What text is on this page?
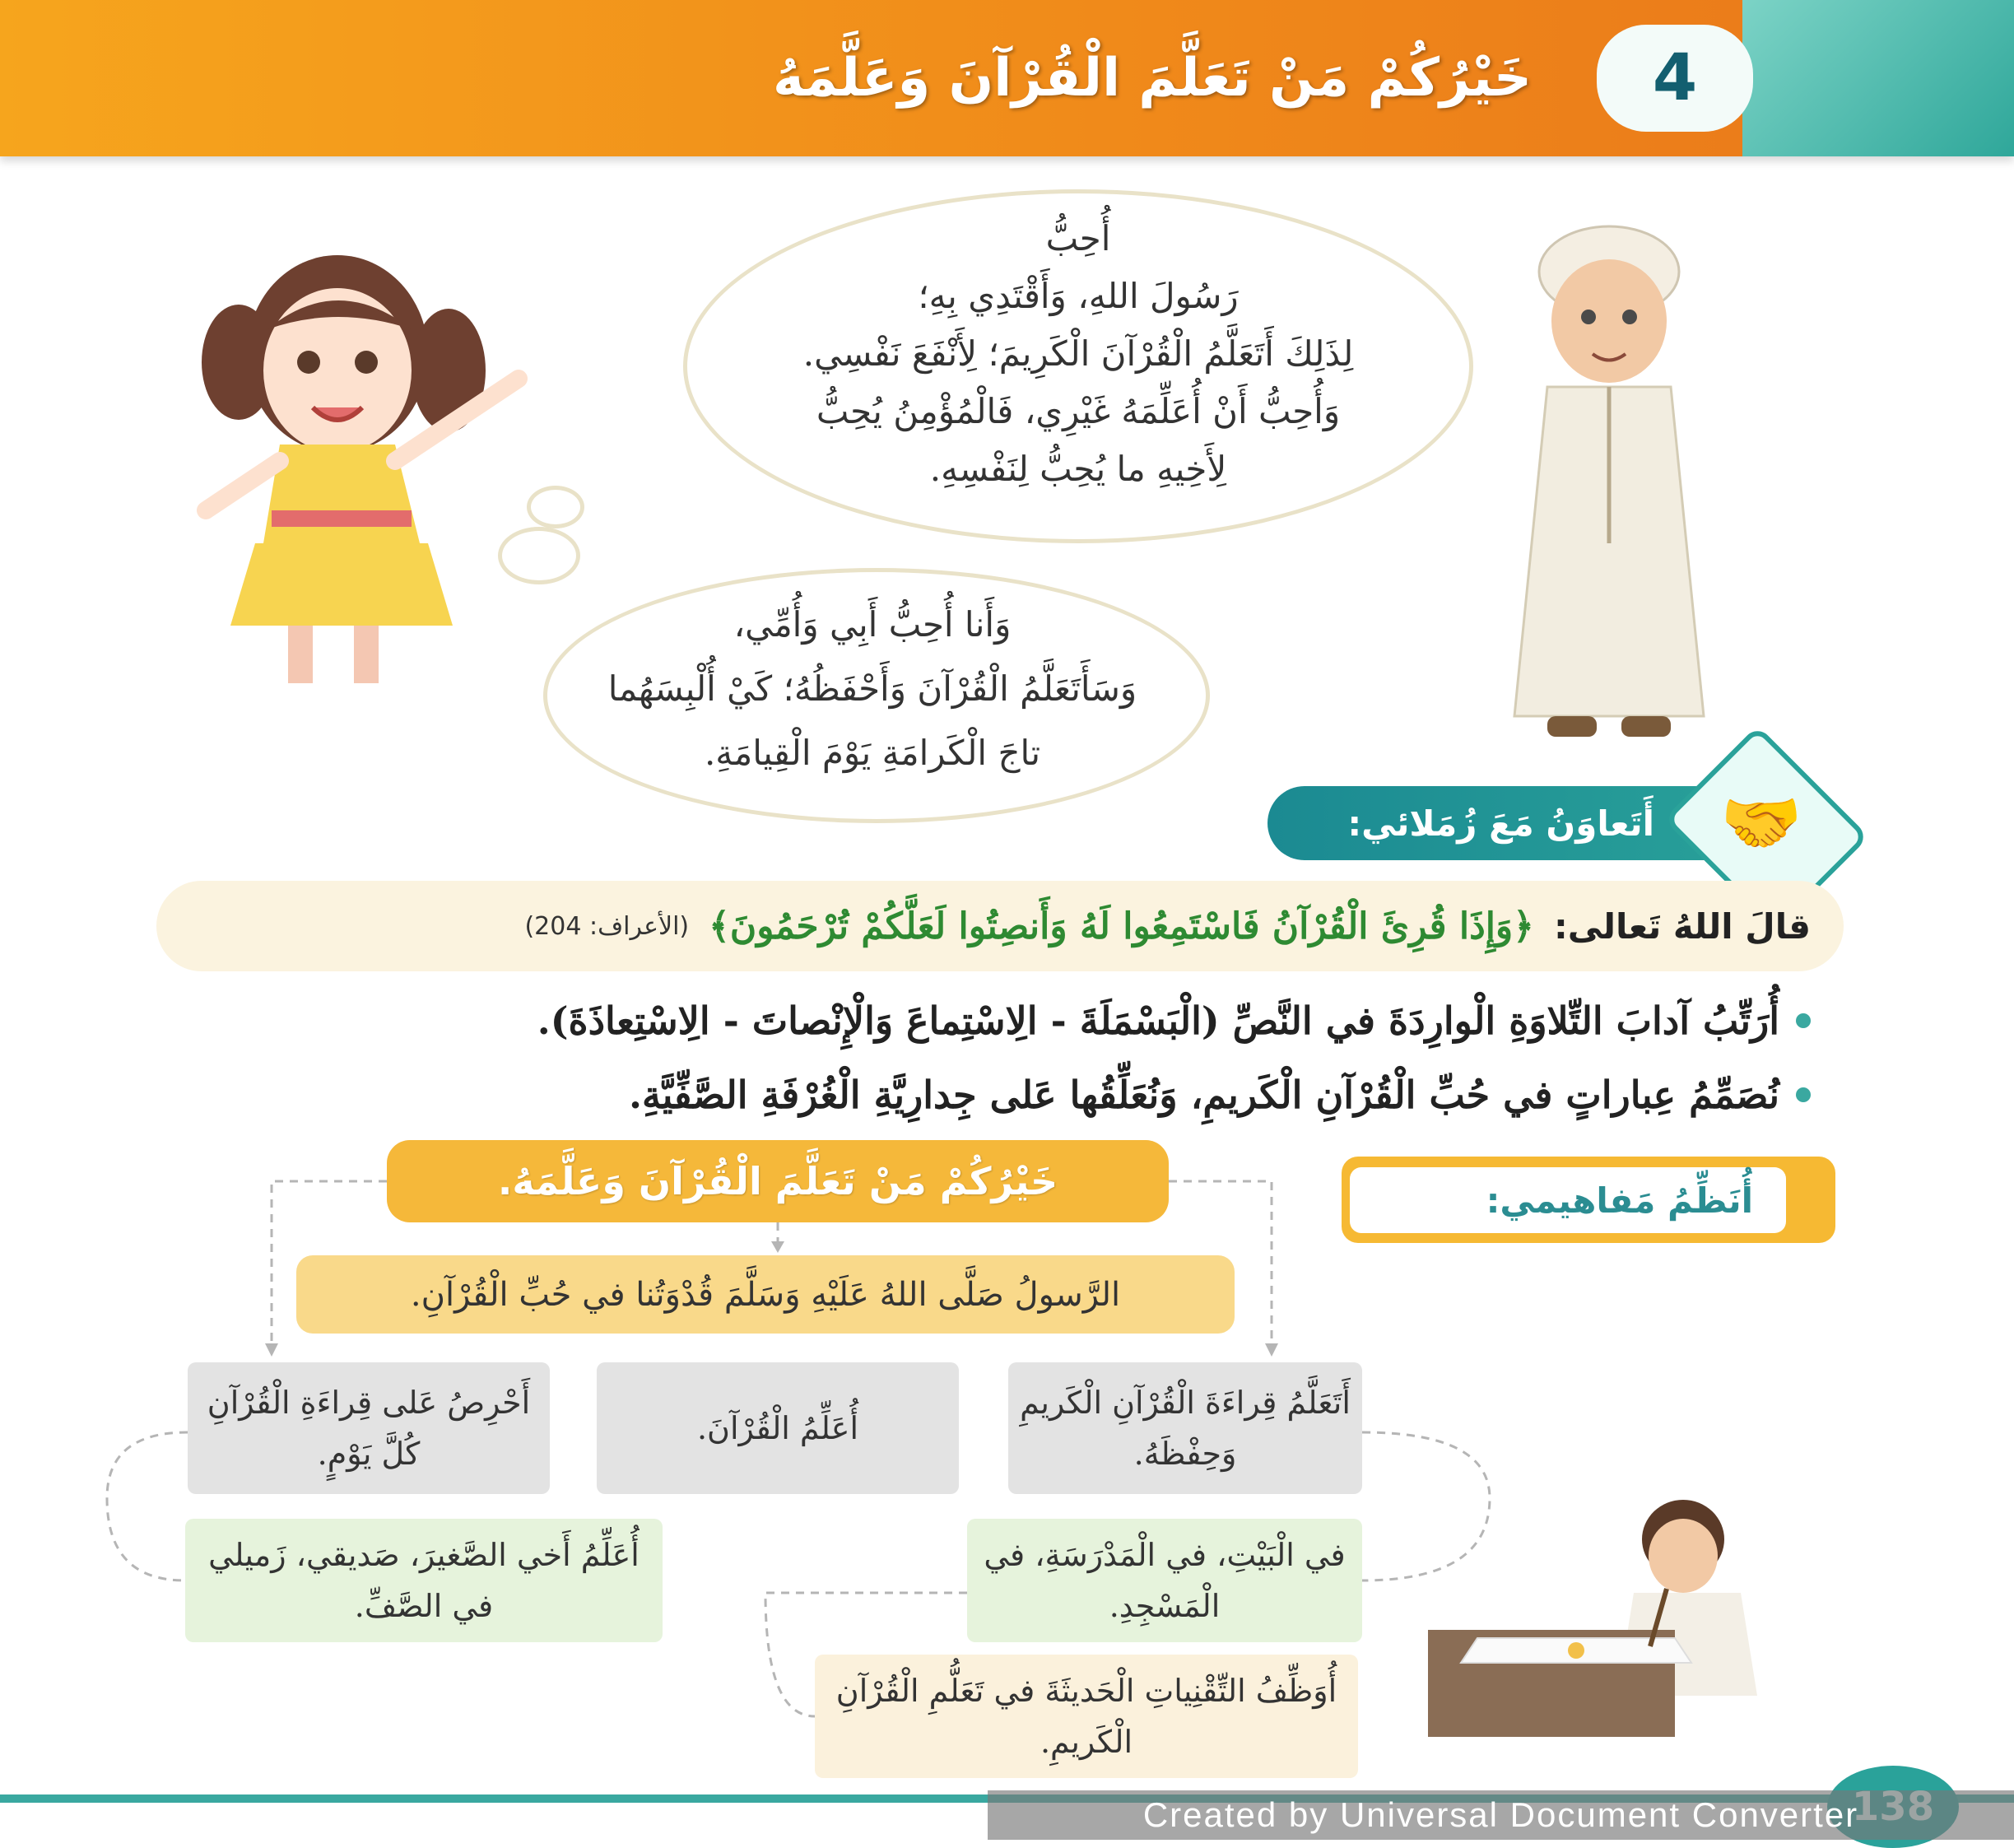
4
خَيْرُكُمْ مَنْ تَعَلَّمَ الْقُرْآنَ وَعَلَّمَهُ
أُحِبُّ
رَسُولَ اللهِ، وَأَقْتَدِي بِهِ؛
لِذَلِكَ أَتَعَلَّمُ الْقُرْآنَ الْكَرِيمَ؛ لِأَنْفَعَ نَفْسِي.
وَأُحِبُّ أَنْ أُعَلِّمَهُ غَيْرِي، فَالْمُؤْمِنُ يُحِبُّ
لِأَخِيهِ ما يُحِبُّ لِنَفْسِهِ.
وَأَنا أُحِبُّ أَبِي وَأُمِّي،
وَسَأَتَعَلَّمُ الْقُرْآنَ وَأَحْفَظُهُ؛ كَيْ أُلْبِسَهُما
تاجَ الْكَرامَةِ يَوْمَ الْقِيامَةِ.
أَتَعاوَنُ مَعَ زُمَلائي: 🤝
قالَ اللهُ تَعالى:
﴿وَإِذَا قُرِئَ الْقُرْآنُ فَاسْتَمِعُوا لَهُ وَأَنصِتُوا لَعَلَّكُمْ تُرْحَمُونَ﴾
(الأعراف: 204)
أُرَتِّبُ آدابَ التِّلاوَةِ الْوارِدَةَ في النَّصِّ (الْبَسْمَلَةَ - الِاسْتِماعَ وَالْإِنْصاتَ - الِاسْتِعاذَةَ).
نُصَمِّمُ عِباراتٍ في حُبِّ الْقُرْآنِ الْكَريمِ، وَنُعَلِّقُها عَلى جِدارِيَّةِ الْغُرْفَةِ الصَّفِّيَّةِ.
أُنَظِّمُ مَفاهيمي:
خَيْرُكُمْ مَنْ تَعَلَّمَ الْقُرْآنَ وَعَلَّمَهُ.
الرَّسولُ صَلَّى اللهُ عَلَيْهِ وَسَلَّمَ قُدْوَتُنا في حُبِّ الْقُرْآنِ.
أَتَعَلَّمُ قِراءَةَ الْقُرْآنِ الْكَريمِ وَحِفْظَهُ.
أُعَلِّمُ الْقُرْآنَ.
أَحْرِصُ عَلى قِراءَةِ الْقُرْآنِ كُلَّ يَوْمٍ.
في الْبَيْتِ، في الْمَدْرَسَةِ، في الْمَسْجِدِ.
أُعَلِّمُ أَخي الصَّغيرَ، صَديقي، زَميلي في الصَّفِّ.
أُوَظِّفُ التِّقْنِياتِ الْحَديثَةَ في تَعَلُّمِ الْقُرْآنِ الْكَريمِ.
Created by Universal Document Converter
